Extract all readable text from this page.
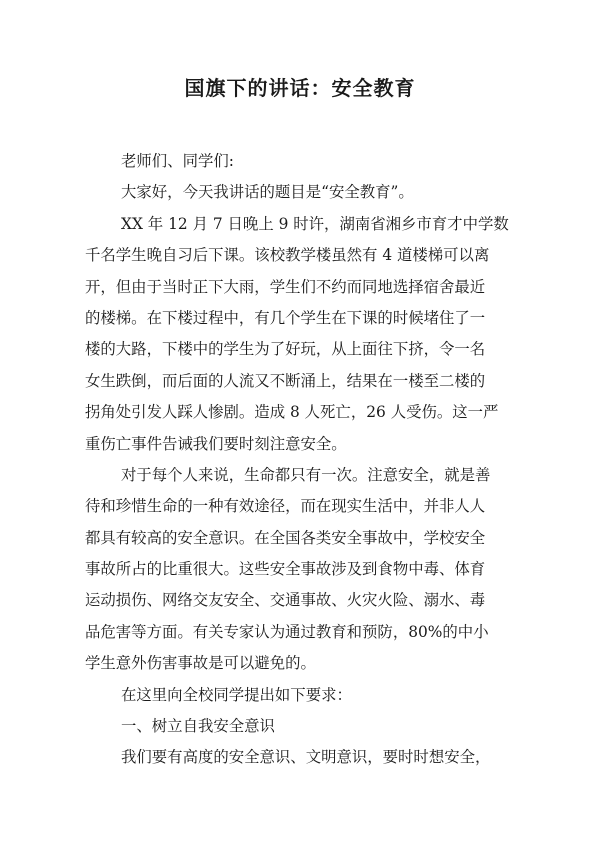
国旗下的讲话：安全教育
老师们、同学们:
大家好，今天我讲话的题目是“安全教育”。
XX 年 12 月 7 日晚上 9 时许，湖南省湘乡市育才中学数
千名学生晚自习后下课。该校教学楼虽然有 4 道楼梯可以离
开，但由于当时正下大雨，学生们不约而同地选择宿舍最近
的楼梯。在下楼过程中，有几个学生在下课的时候堵住了一
楼的大路，下楼中的学生为了好玩，从上面往下挤，令一名
女生跌倒，而后面的人流又不断涌上，结果在一楼至二楼的
拐角处引发人踩人惨剧。造成 8 人死亡，26 人受伤。这一严
重伤亡事件告诫我们要时刻注意安全。
对于每个人来说，生命都只有一次。注意安全，就是善
待和珍惜生命的一种有效途径，而在现实生活中，并非人人
都具有较高的安全意识。在全国各类安全事故中，学校安全
事故所占的比重很大。这些安全事故涉及到食物中毒、体育
运动损伤、网络交友安全、交通事故、火灾火险、溺水、毒
品危害等方面。有关专家认为通过教育和预防，80%的中小
学生意外伤害事故是可以避免的。
在这里向全校同学提出如下要求：
一、树立自我安全意识
我们要有高度的安全意识、文明意识，要时时想安全，
